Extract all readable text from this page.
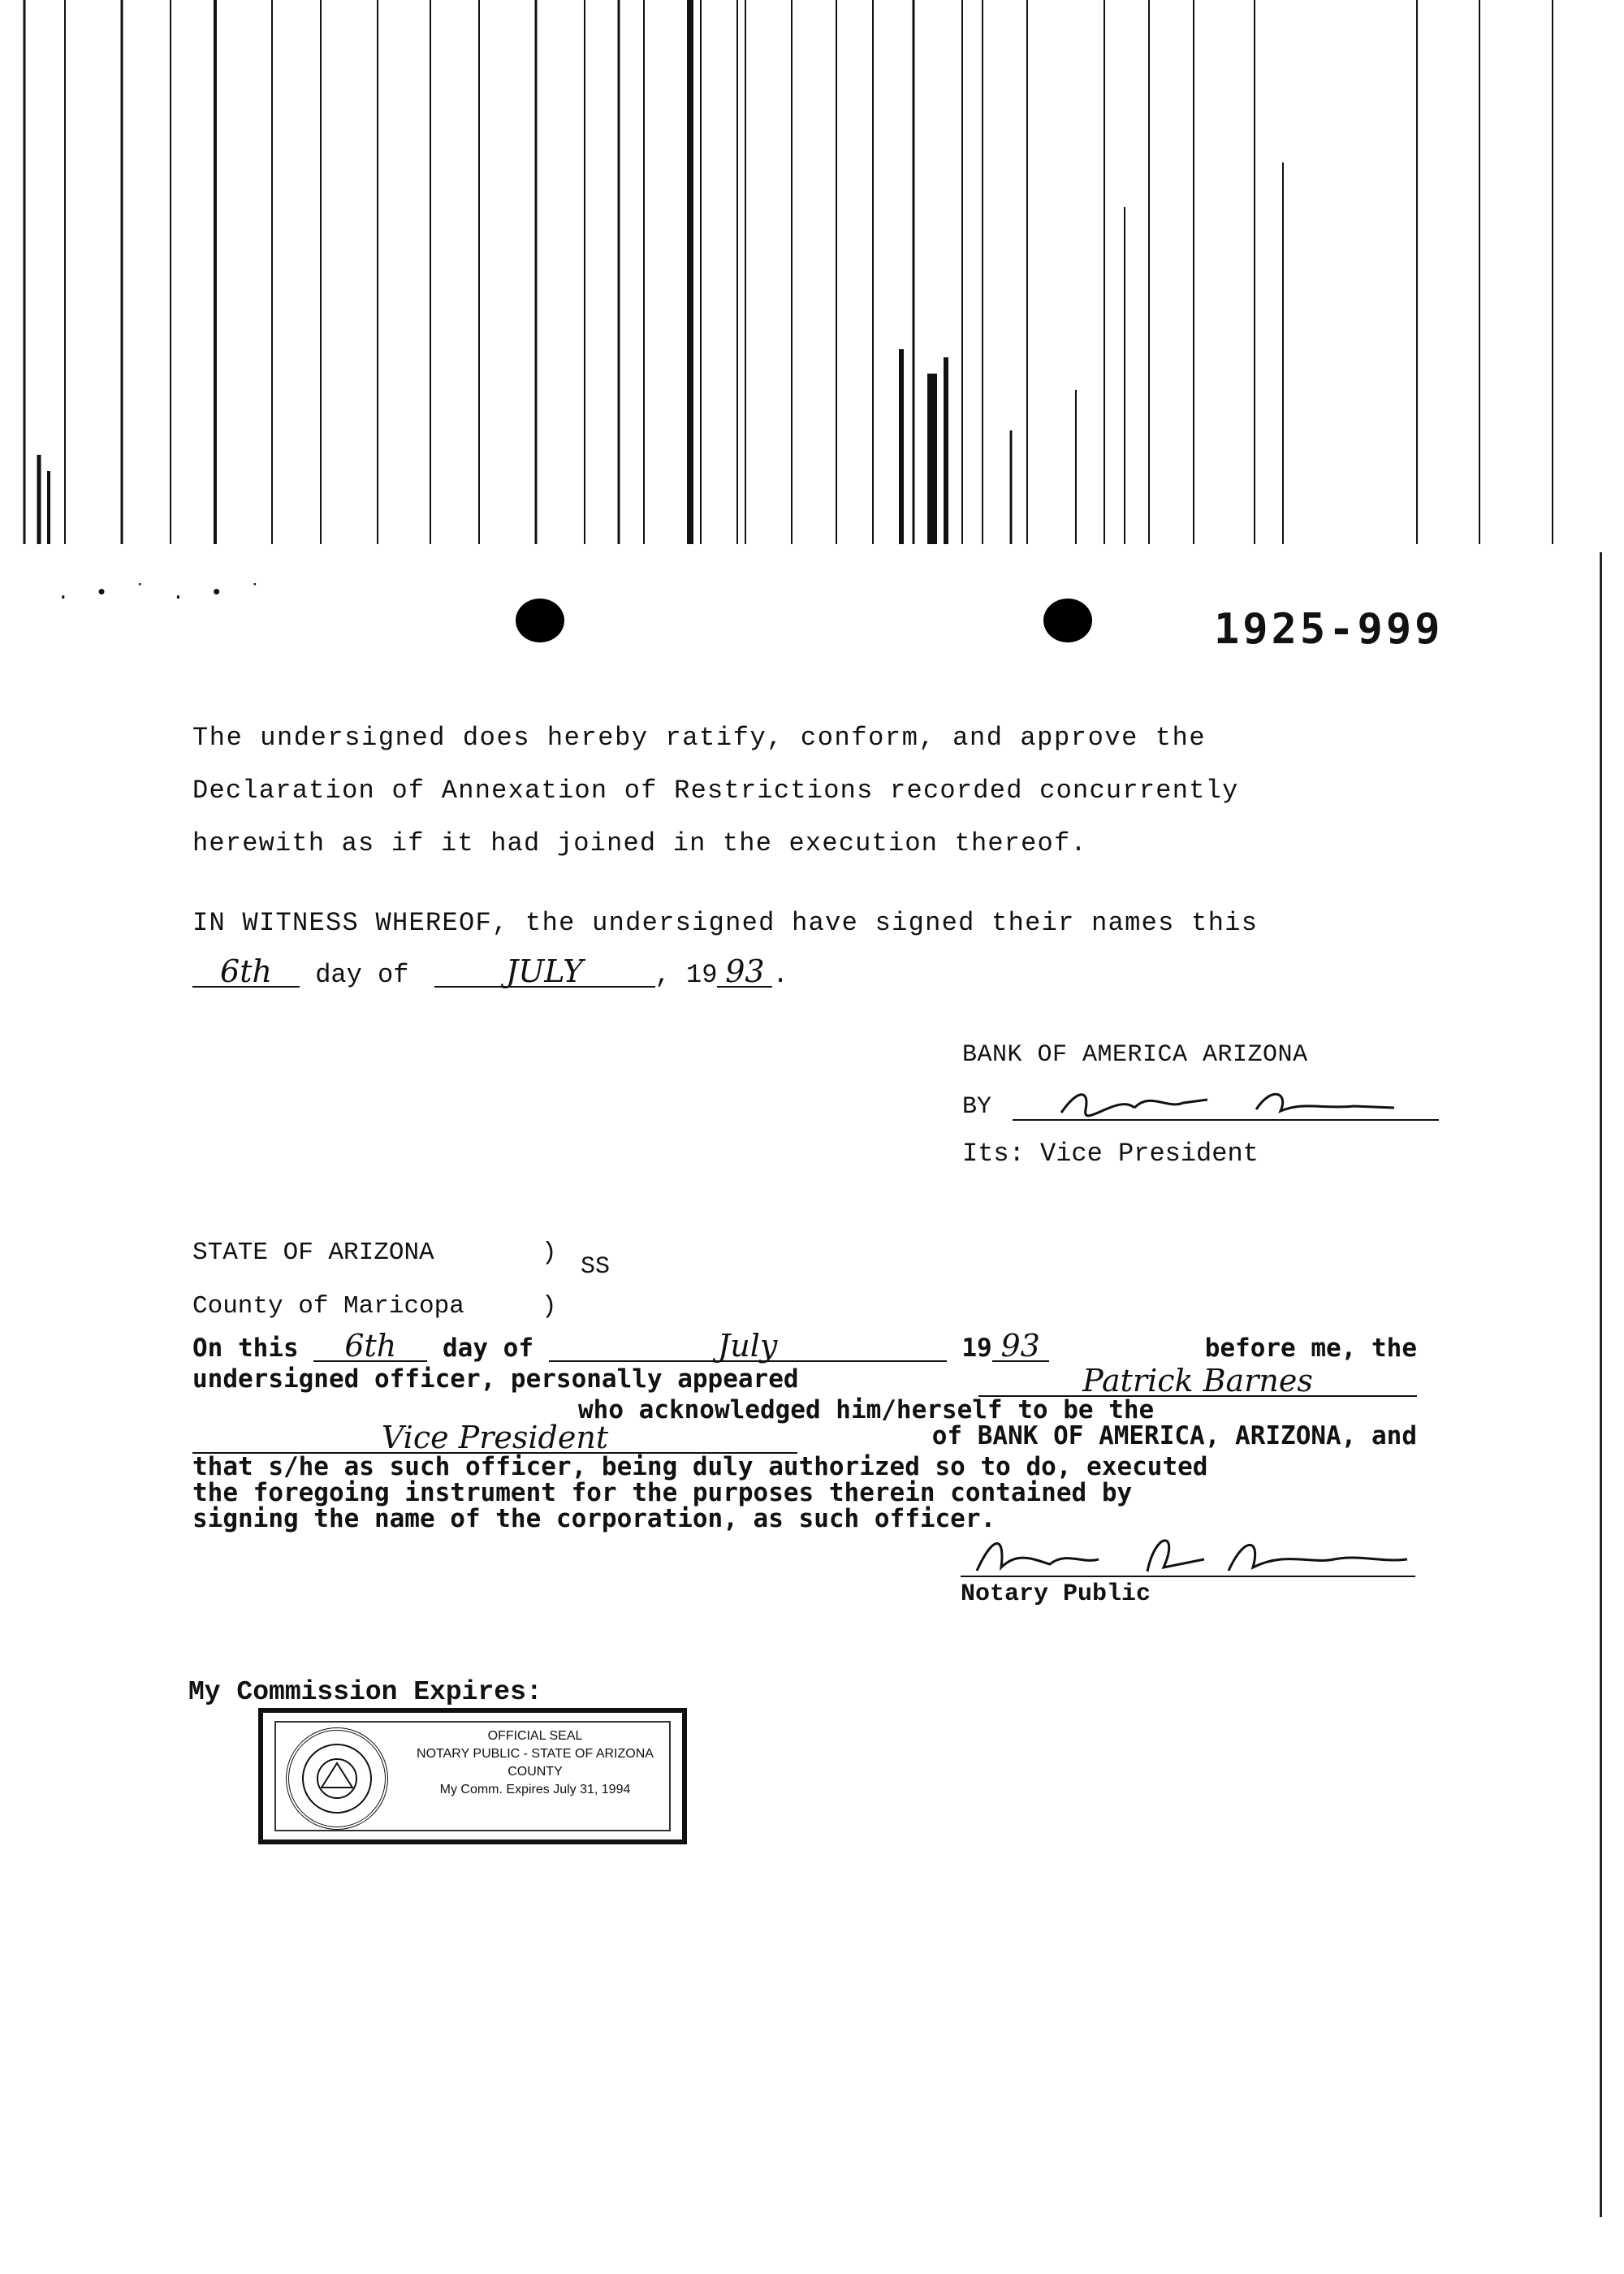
. • ˙ . • ˙
1925-999
The undersigned does hereby ratify, conform, and approve the
Declaration of Annexation of Restrictions recorded concurrently
herewith as if it had joined in the execution thereof.
IN WITNESS WHEREOF, the undersigned have signed their names this
6th day of	JULY	, 19 93 .
BANK OF AMERICA ARIZONA
BY
Its: Vice President
STATE OF ARIZONA	)
County of Maricopa	)
SS
On this 6th day of	July	19 93	before me, the
undersigned officer, personally appeared	Patrick Barnes
who acknowledged him/herself to be the
Vice President	of BANK OF AMERICA, ARIZONA, and
that s/he as such officer, being duly authorized so to do, executed
the foregoing instrument for the purposes therein contained by
signing the name of the corporation, as such officer.
Notary Public
My Commission Expires:
OFFICIAL SEAL
NOTARY PUBLIC - STATE OF ARIZONA
COUNTY
My Comm. Expires July 31, 1994
